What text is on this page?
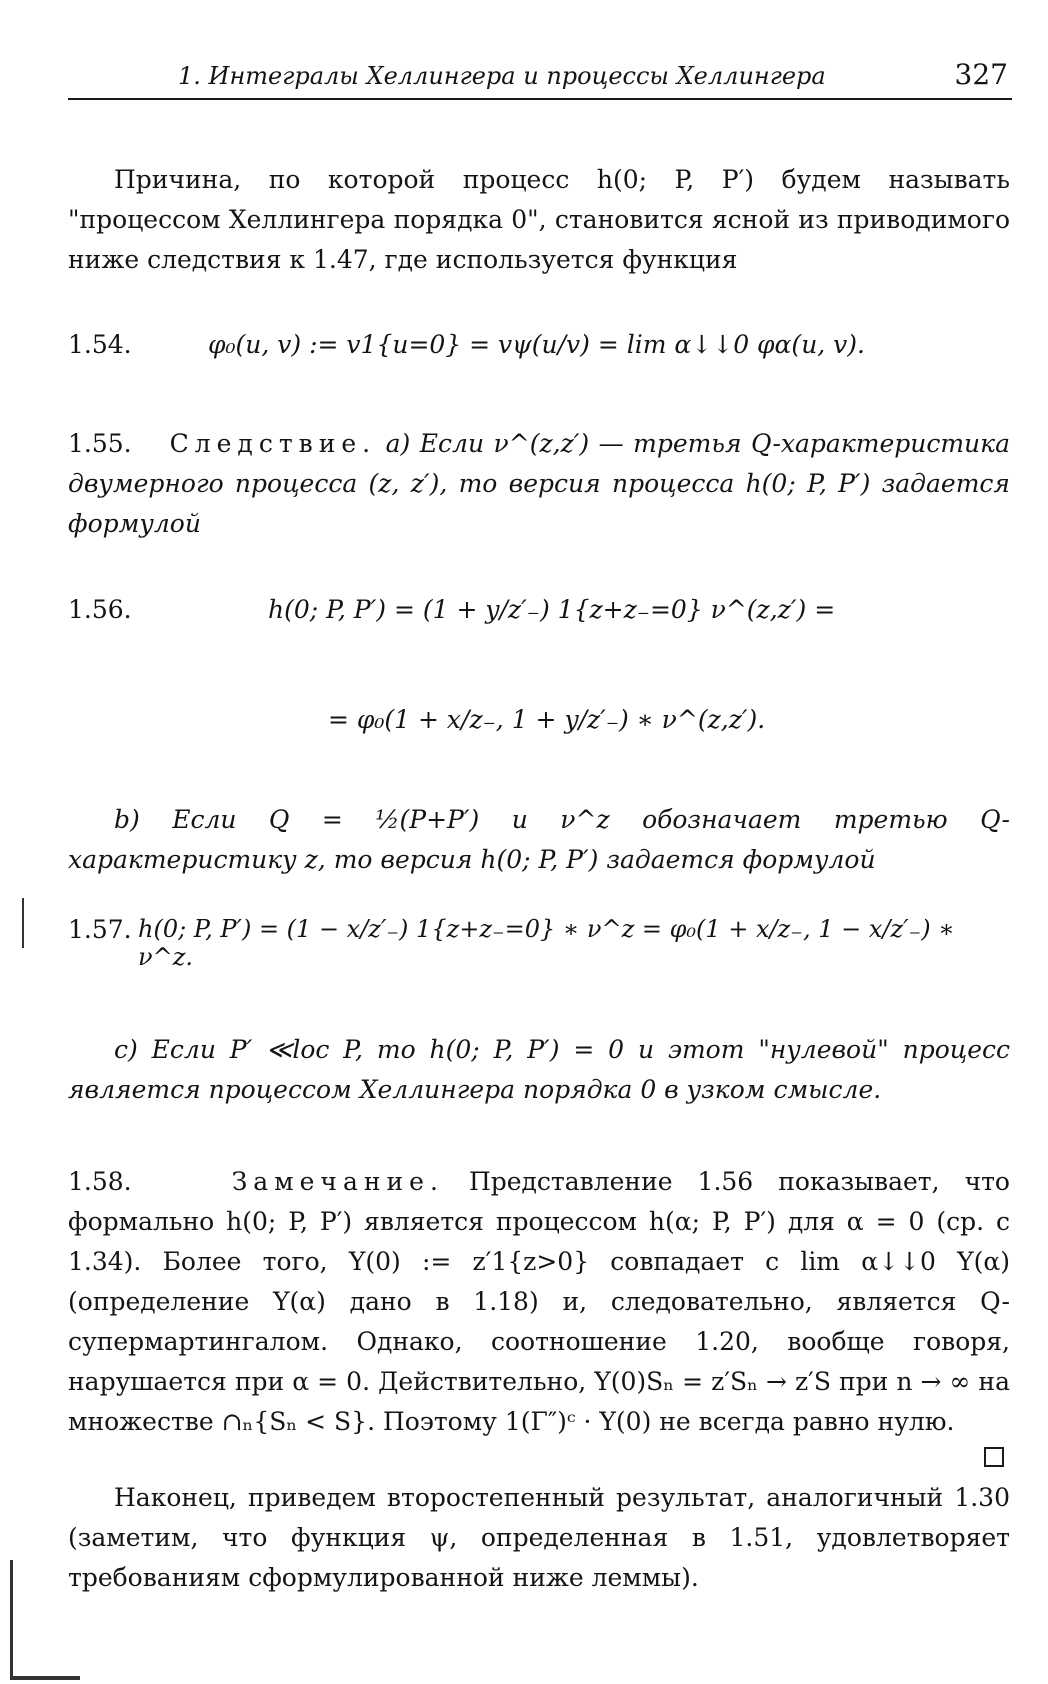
1. Интегралы Хеллингера и процессы Хеллингера	327
Причина, по которой процесс h(0; P, P′) будем называть "процессом Хеллингера порядка 0", становится ясной из приводимого ниже следствия к 1.47, где используется функция
1.54.	φ₀(u, v) := v1{u=0} = vψ(u/v) = lim α↓↓0 φα(u, v).
1.55. Следствие. a) Если ν^(z,z′) — третья Q-характеристика двумерного процесса (z, z′), то версия процесса h(0; P, P′) задается формулой
1.56.	h(0; P, P′) = (1 + y/z′₋) 1{z+z₋=0} ν^(z,z′) =
= φ₀(1 + x/z₋, 1 + y/z′₋) ∗ ν^(z,z′).
b) Если Q = ½(P+P′) и ν^z обозначает третью Q-характеристику z, то версия h(0; P, P′) задается формулой
1.57. h(0; P, P′) = (1 − x/z′₋) 1{z+z₋=0} ∗ ν^z = φ₀(1 + x/z₋, 1 − x/z′₋) ∗ ν^z.
c) Если P′ ≪loc P, то h(0; P, P′) = 0 и этот "нулевой" процесс является процессом Хеллингера порядка 0 в узком смысле.
1.58.	Замечание. Представление 1.56 показывает, что формально h(0; P, P′) является процессом h(α; P, P′) для α = 0 (ср. с 1.34). Более того, Y(0) := z′1{z>0} совпадает с lim α↓↓0 Y(α) (определение Y(α) дано в 1.18) и, следовательно, является Q-супермартингалом. Однако, соотношение 1.20, вообще говоря, нарушается при α = 0. Действительно, Y(0)Sₙ = z′Sₙ → z′S при n → ∞ на множестве ∩ₙ{Sₙ < S}. Поэтому 1(Γ″)ᶜ · Y(0) не всегда равно нулю.
Наконец, приведем второстепенный результат, аналогичный 1.30 (заметим, что функция ψ, определенная в 1.51, удовлетворяет требованиям сформулированной ниже леммы).
